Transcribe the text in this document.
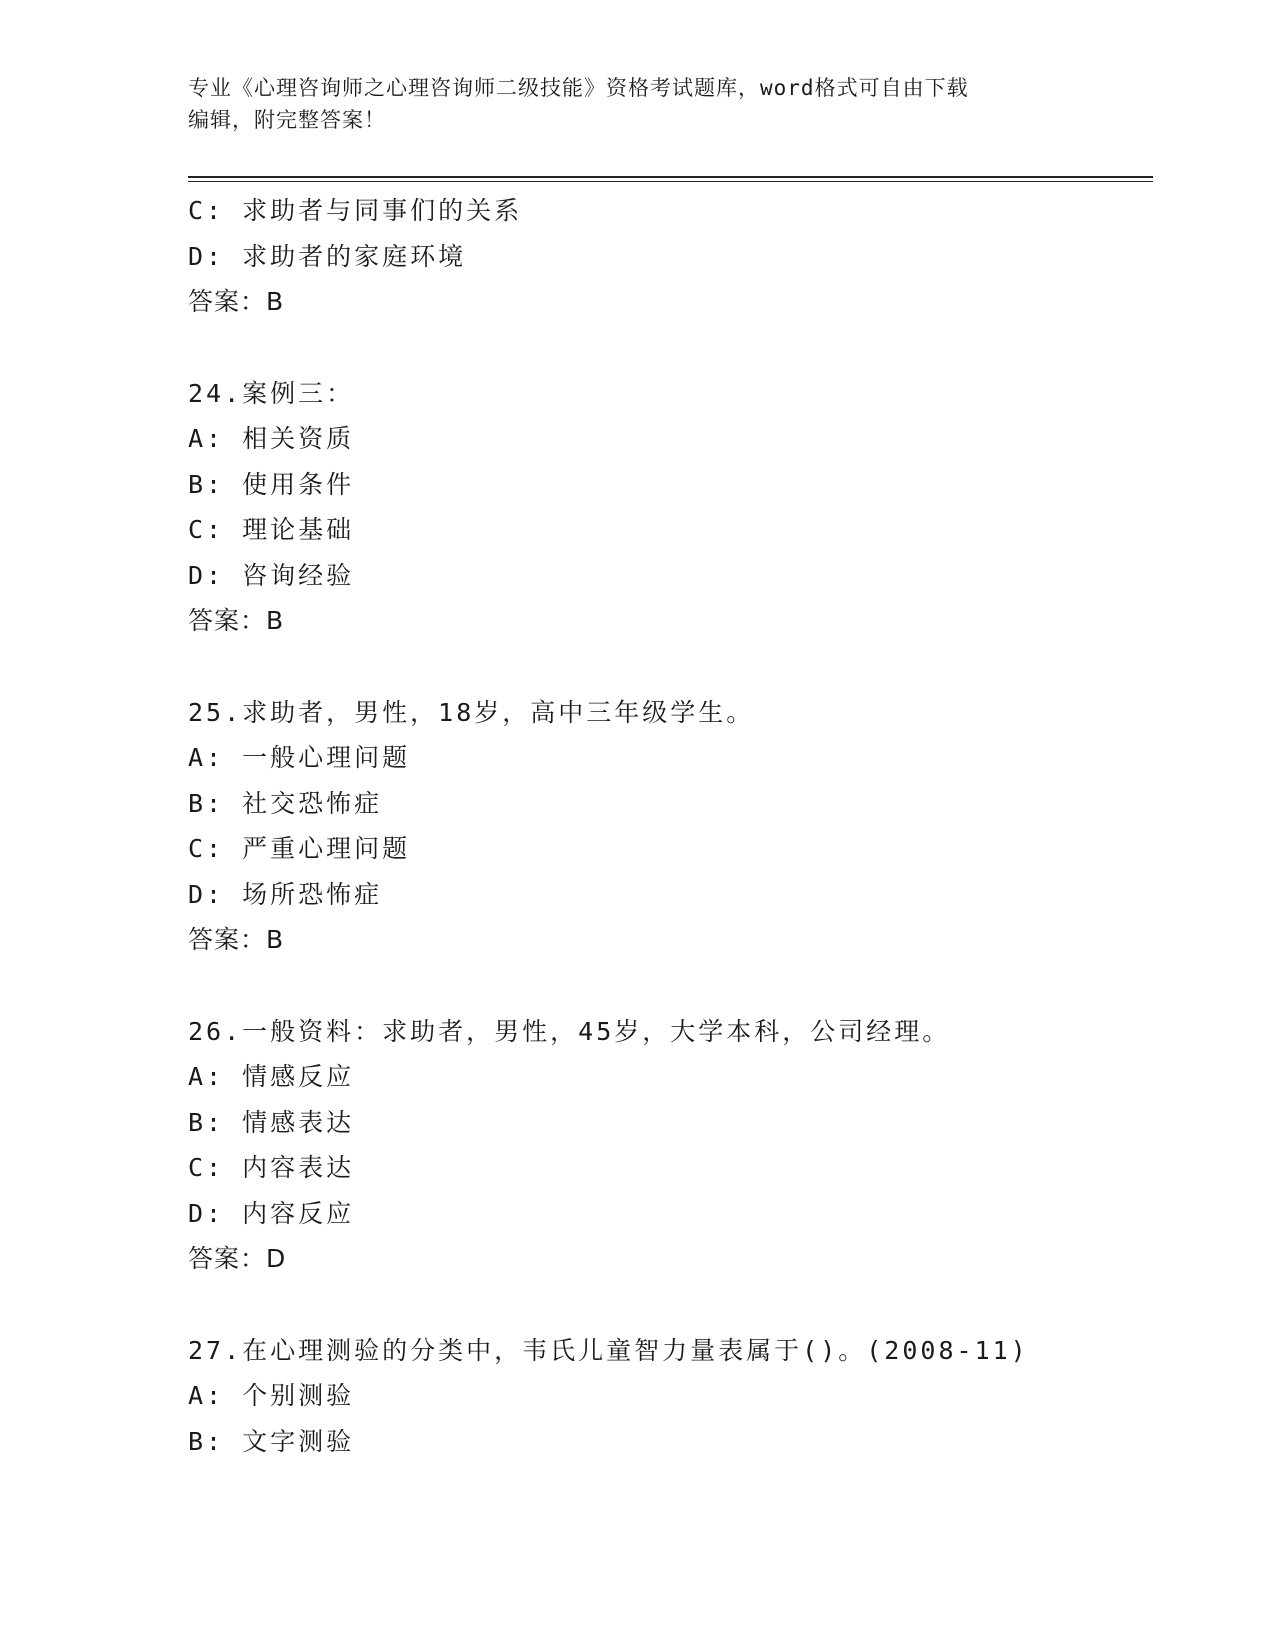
专业《心理咨询师之心理咨询师二级技能》资格考试题库，word格式可自由下载
编辑，附完整答案！
C: 求助者与同事们的关系
D: 求助者的家庭环境
答案：B
24.案例三：
A: 相关资质
B: 使用条件
C: 理论基础
D: 咨询经验
答案：B
25.求助者，男性，18岁，高中三年级学生。
A: 一般心理问题
B: 社交恐怖症
C: 严重心理问题
D: 场所恐怖症
答案：B
26.一般资料：求助者，男性，45岁，大学本科，公司经理。
A: 情感反应
B: 情感表达
C: 内容表达
D: 内容反应
答案：D
27.在心理测验的分类中，韦氏儿童智力量表属于()。(2008-11)
A: 个别测验
B: 文字测验
